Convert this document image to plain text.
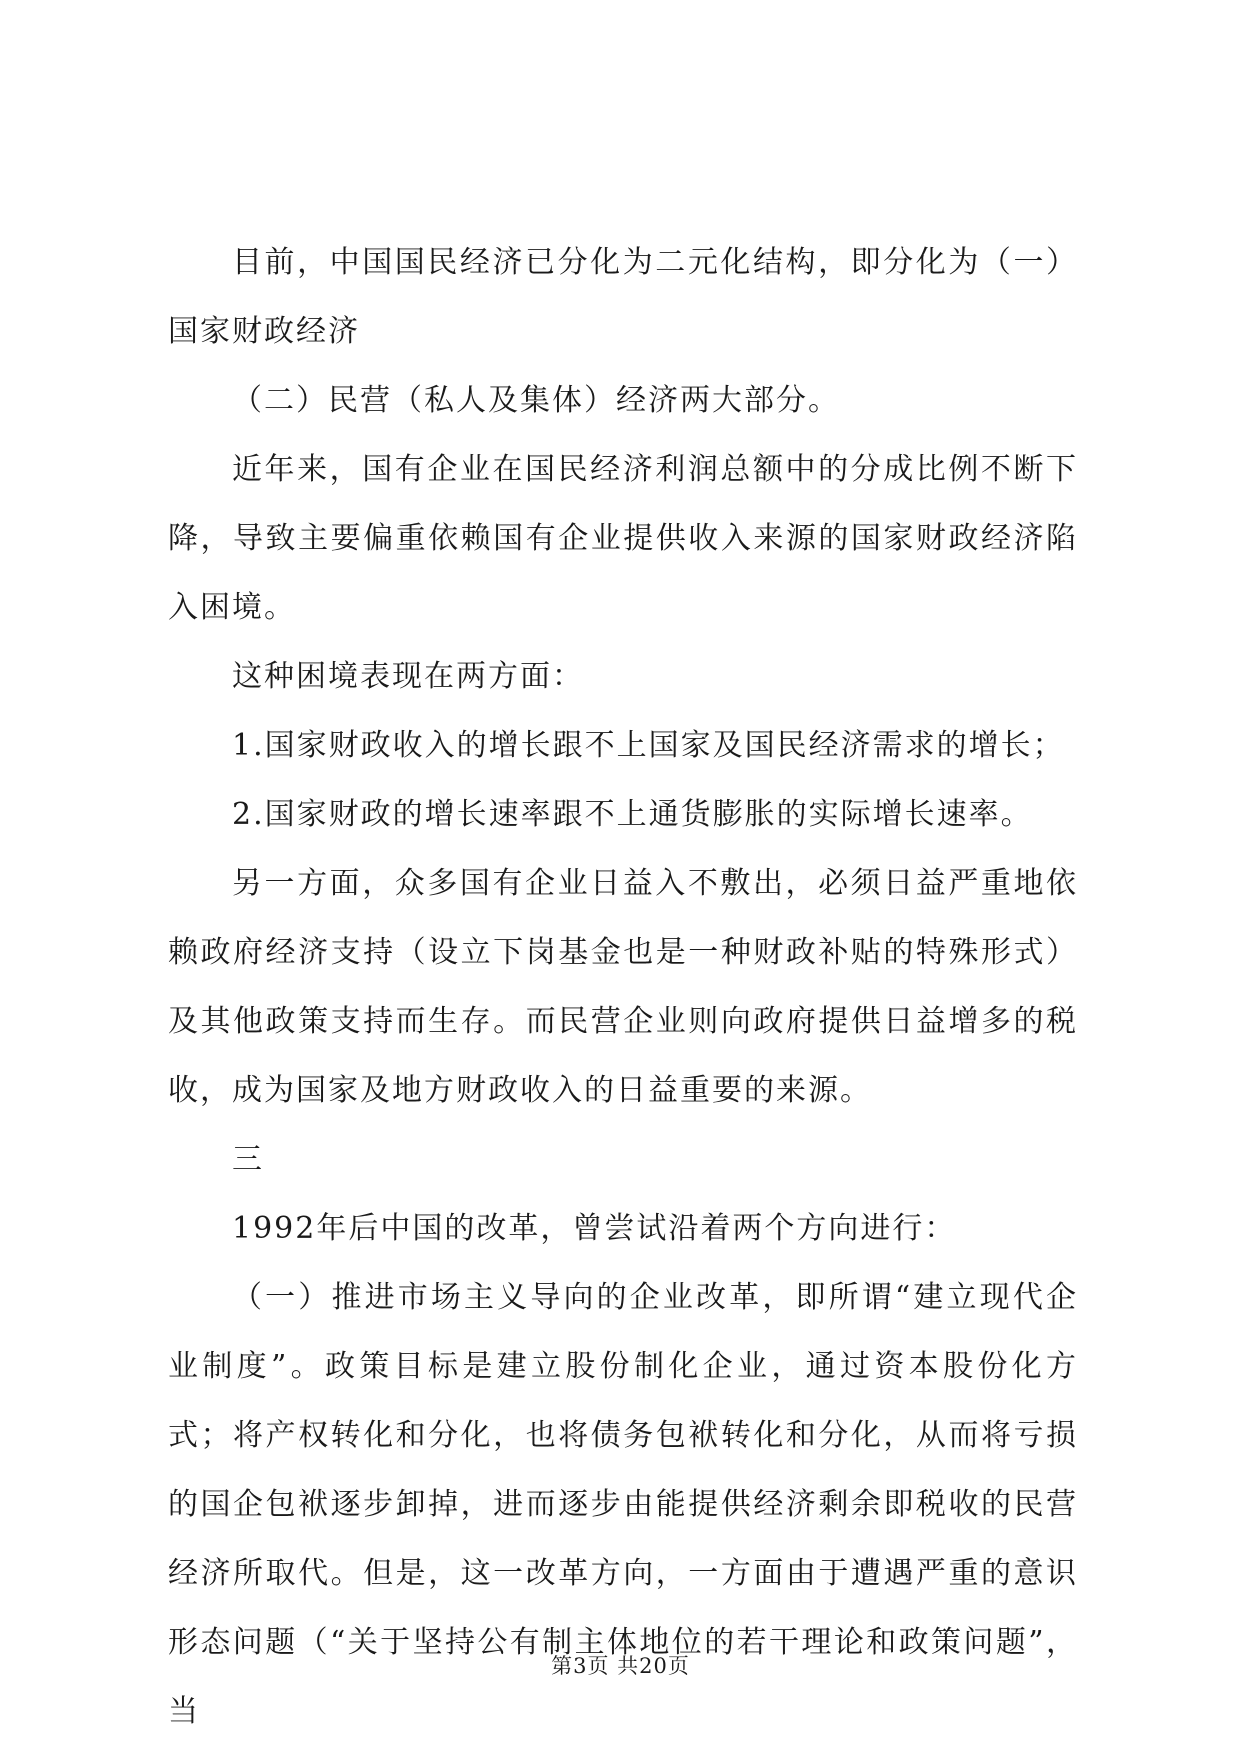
目前，中国国民经济已分化为二元化结构，即分化为（一）国家财政经济

（二）民营（私人及集体）经济两大部分。

近年来，国有企业在国民经济利润总额中的分成比例不断下降，导致主要偏重依赖国有企业提供收入来源的国家财政经济陷入困境。

这种困境表现在两方面：

1.国家财政收入的增长跟不上国家及国民经济需求的增长；

2.国家财政的增长速率跟不上通货膨胀的实际增长速率。

另一方面，众多国有企业日益入不敷出，必须日益严重地依赖政府经济支持（设立下岗基金也是一种财政补贴的特殊形式）及其他政策支持而生存。而民营企业则向政府提供日益增多的税收，成为国家及地方财政收入的日益重要的来源。

三

1992年后中国的改革，曾尝试沿着两个方向进行：

（一）推进市场主义导向的企业改革，即所谓“建立现代企业制度”。政策目标是建立股份制化企业，通过资本股份化方式；将产权转化和分化，也将债务包袱转化和分化，从而将亏损的国企包袱逐步卸掉，进而逐步由能提供经济剩余即税收的民营经济所取代。但是，这一改革方向，一方面由于遭遇严重的意识形态问题（“关于坚持公有制主体地位的若干理论和政策问题”，当

第3页 共20页
